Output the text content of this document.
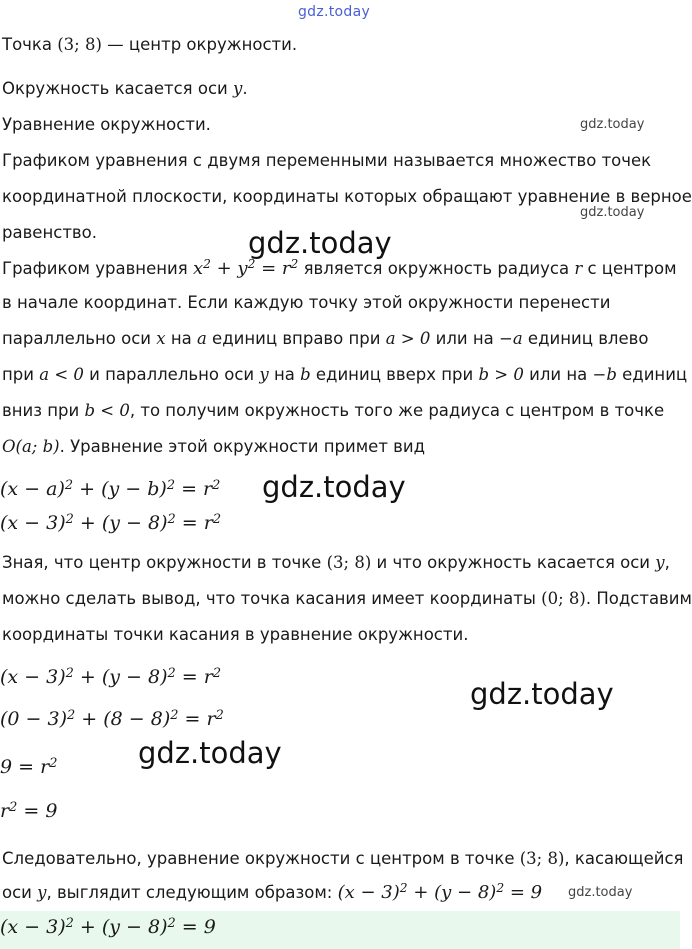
gdz.today
gdz.today
gdz.today
gdz.today
gdz.today
gdz.today
gdz.today
gdz.today
Точка (3; 8) — центр окружности.
Окружность касается оси y.
Уравнение окружности.
Графиком уравнения с двумя переменными называется множество точек
координатной плоскости, координаты которых обращают уравнение в верное
равенство.
Графиком уравнения $x^2 + y^2 = r^2$ является окружность радиуса r с центром
в начале координат. Если каждую точку этой окружности перенести
параллельно оси x на a единиц вправо при a > 0 или на −a единиц влево
при a < 0 и параллельно оси y на b единиц вверх при b > 0 или на −b единиц
вниз при b < 0, то получим окружность того же радиуса с центром в точке
O(a; b). Уравнение этой окружности примет вид
$(x - a)^2 + (y - b)^2 = r^2$
$(x - 3)^2 + (y - 8)^2 = r^2$
Зная, что центр окружности в точке (3; 8) и что окружность касается оси y,
можно сделать вывод, что точка касания имеет координаты (0; 8). Подставим
координаты точки касания в уравнение окружности.
$(x - 3)^2 + (y - 8)^2 = r^2$
$(0 - 3)^2 + (8 - 8)^2 = r^2$
$9 = r^2$
$r^2 = 9$
Следовательно, уравнение окружности с центром в точке (3; 8), касающейся
оси y, выглядит следующим образом: $(x - 3)^2 + (y - 8)^2 = 9$
$(x - 3)^2 + (y - 8)^2 = 9$
